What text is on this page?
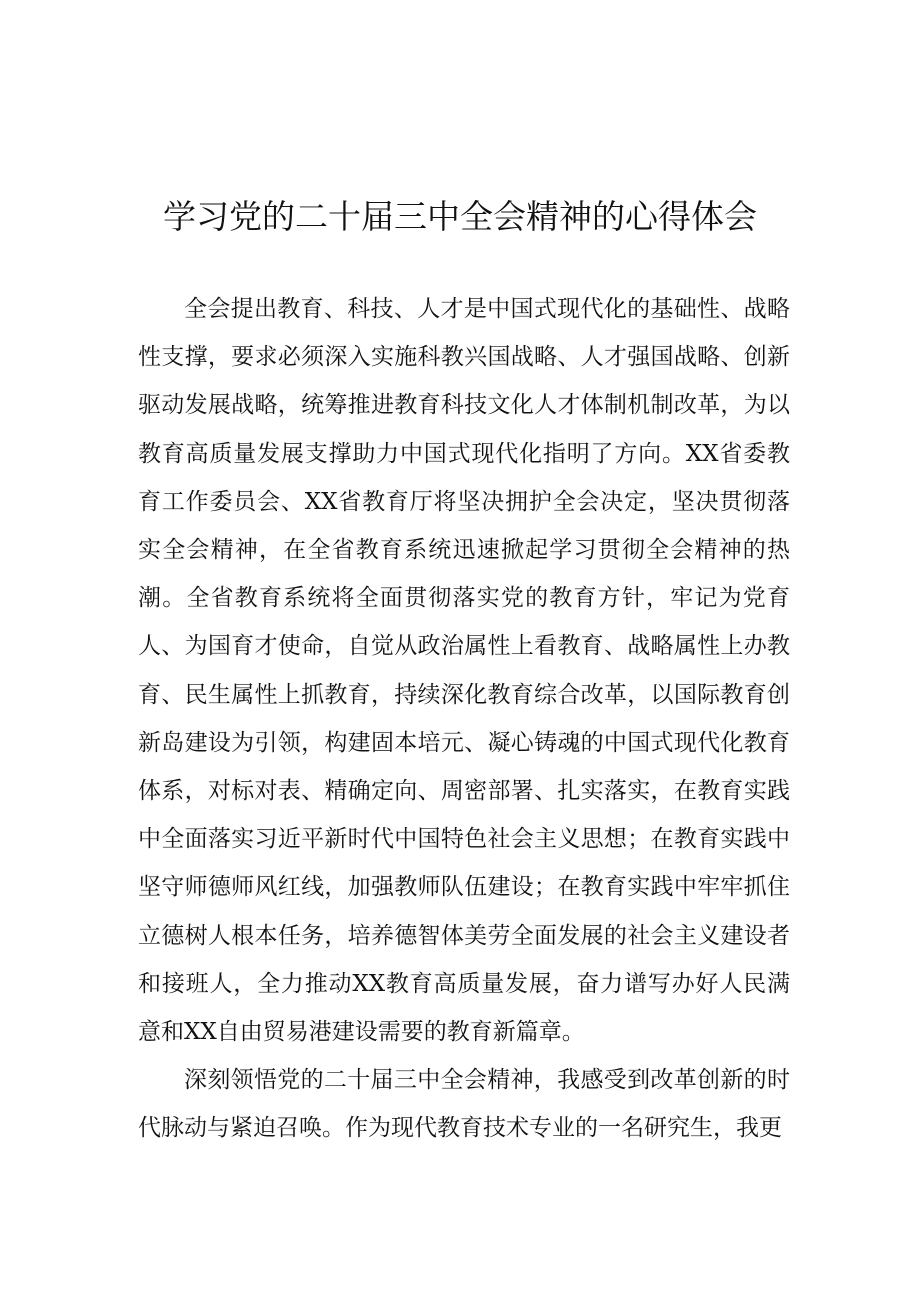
学习党的二十届三中全会精神的心得体会

全会提出教育、科技、人才是中国式现代化的基础性、战略性支撑，要求必须深入实施科教兴国战略、人才强国战略、创新驱动发展战略，统筹推进教育科技文化人才体制机制改革，为以教育高质量发展支撑助力中国式现代化指明了方向。XX省委教育工作委员会、XX省教育厅将坚决拥护全会决定，坚决贯彻落实全会精神，在全省教育系统迅速掀起学习贯彻全会精神的热潮。全省教育系统将全面贯彻落实党的教育方针，牢记为党育人、为国育才使命，自觉从政治属性上看教育、战略属性上办教育、民生属性上抓教育，持续深化教育综合改革，以国际教育创新岛建设为引领，构建固本培元、凝心铸魂的中国式现代化教育体系，对标对表、精确定向、周密部署、扎实落实，在教育实践中全面落实习近平新时代中国特色社会主义思想；在教育实践中坚守师德师风红线，加强教师队伍建设；在教育实践中牢牢抓住立德树人根本任务，培养德智体美劳全面发展的社会主义建设者和接班人，全力推动XX教育高质量发展，奋力谱写办好人民满意和XX自由贸易港建设需要的教育新篇章。

深刻领悟党的二十届三中全会精神，我感受到改革创新的时代脉动与紧迫召唤。作为现代教育技术专业的一名研究生，我更
